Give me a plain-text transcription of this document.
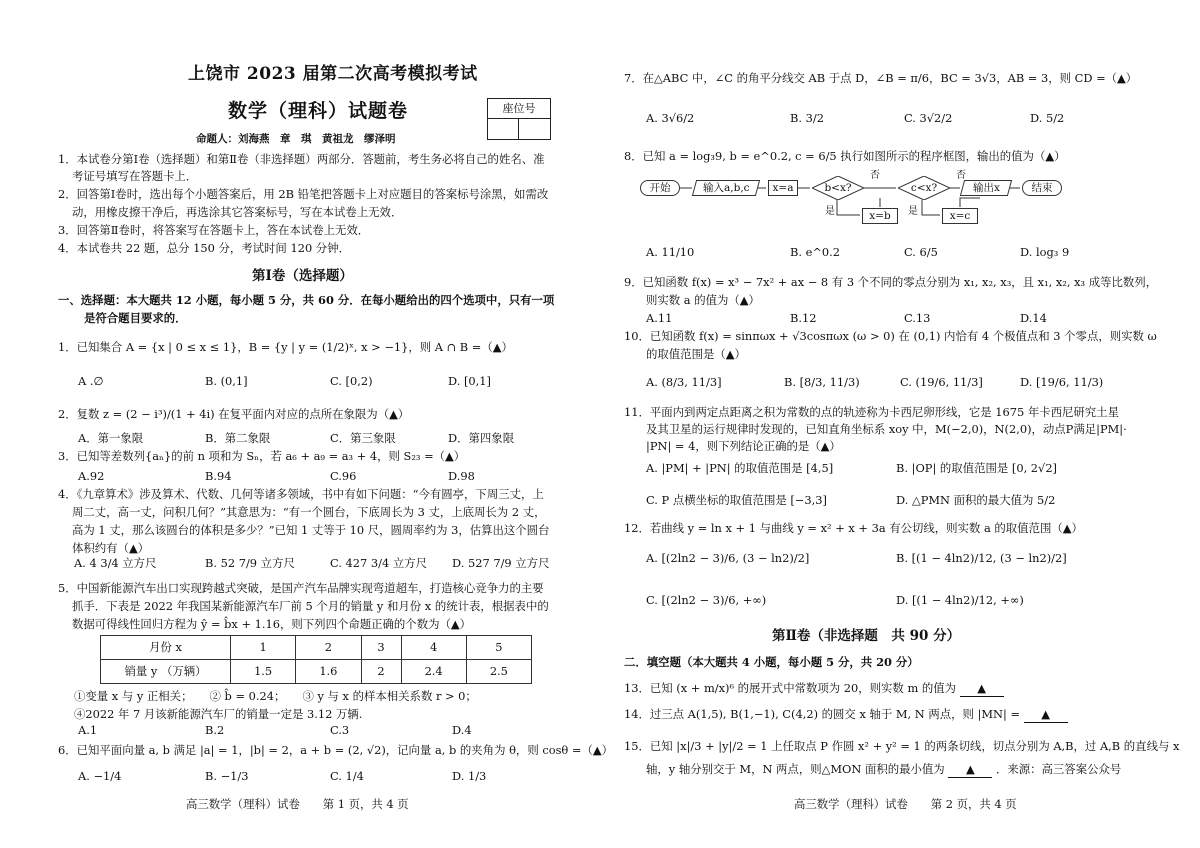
上饶市 2023 届第二次高考模拟考试
数学（理科）试题卷	座位号
命题人：刘海燕　章　琪　黄祖龙　缪泽明
1．本试卷分第Ⅰ卷（选择题）和第Ⅱ卷（非选择题）两部分．答题前，考生务必将自己的姓名、准
考证号填写在答题卡上．
2．回答第Ⅰ卷时，选出每个小题答案后，用 2B 铅笔把答题卡上对应题目的答案标号涂黑，如需改
动，用橡皮擦干净后，再选涂其它答案标号，写在本试卷上无效．
3．回答第Ⅱ卷时，将答案写在答题卡上，答在本试卷上无效．
4．本试卷共 22 题，总分 150 分，考试时间 120 分钟．
第Ⅰ卷（选择题）
一、选择题：本大题共 12 小题，每小题 5 分，共 60 分．在每小题给出的四个选项中，只有一项
是符合题目要求的．
1．已知集合 A = {x | 0 ≤ x ≤ 1}，B = {y | y = (1/2)ˣ, x > −1}，则 A ∩ B =（▲）
A .∅	B. (0,1]	C. [0,2)	D. [0,1]
2．复数 z = (2 − i³)/(1 + 4i) 在复平面内对应的点所在象限为（▲）
A．第一象限	B．第二象限	C．第三象限	D．第四象限
3．已知等差数列{aₙ}的前 n 项和为 Sₙ，若 a₆ + a₉ = a₃ + 4，则 S₂₃ =（▲）
A.92	B.94	C.96	D.98
4．《九章算术》涉及算术、代数、几何等诸多领域，书中有如下问题：“今有圆亭，下周三丈，上
周二丈，高一丈，问积几何？”其意思为：“有一个圆台，下底周长为 3 丈，上底周长为 2 丈，
高为 1 丈，那么该圆台的体积是多少？”已知 1 丈等于 10 尺，圆周率约为 3，估算出这个圆台
体积约有（▲）
A. 4 3/4 立方尺	B. 52 7/9 立方尺	C. 427 3/4 立方尺 D. 527 7/9 立方尺
5．中国新能源汽车出口实现跨越式突破，是国产汽车品牌实现弯道超车，打造核心竞争力的主要
抓手．下表是 2022 年我国某新能源汽车厂前 5 个月的销量 y 和月份 x 的统计表，根据表中的
数据可得线性回归方程为 ŷ = b̂x + 1.16，则下列四个命题正确的个数为（▲）
月份 x	1	2	3	4	5
销量 y （万辆）	1.5	1.6	2	2.4	2.5
①变量 x 与 y 正相关；　　② b̂ = 0.24；　　③ y 与 x 的样本相关系数 r > 0；
④2022 年 7 月该新能源汽车厂的销量一定是 3.12 万辆.
A.1	B.2	C.3	D.4
6．已知平面向量 a, b 满足 |a| = 1，|b| = 2，a + b = (2, √2)，记向量 a, b 的夹角为 θ，则 cosθ =（▲）
A. −1/4	B. −1/3	C. 1/4	D. 1/3
高三数学（理科）试卷　　第 1 页，共 4 页
7．在△ABC 中，∠C 的角平分线交 AB 于点 D，∠B = π/6，BC = 3√3，AB = 3，则 CD =（▲）
A. 3√6/2	B. 3/2	C. 3√2/2	D. 5/2
8．已知 a = log₃9, b = e^0.2, c = 6/5 执行如图所示的程序框图，输出的值为（▲）
开始	输入a,b,c	x=a	b<x?
否
是	x=b
c<x?
否
是	x=c
输出x	结束
A. 11/10	B. e^0.2	C. 6/5	D. log₃ 9
9．已知函数 f(x) = x³ − 7x² + ax − 8 有 3 个不同的零点分别为 x₁, x₂, x₃，且 x₁, x₂, x₃ 成等比数列，
则实数 a 的值为（▲）
A.11	B.12	C.13	D.14
10．已知函数 f(x) = sinπωx + √3cosπωx (ω > 0) 在 (0,1) 内恰有 4 个极值点和 3 个零点，则实数 ω
的取值范围是（▲）
A. (8/3, 11/3]	B. [8/3, 11/3)	C. (19/6, 11/3]	D. [19/6, 11/3)
11．平面内到两定点距离之积为常数的点的轨迹称为卡西尼卵形线，它是 1675 年卡西尼研究土星
及其卫星的运行规律时发现的，已知直角坐标系 xoy 中，M(−2,0)，N(2,0)，动点P满足|PM|·
|PN| = 4，则下列结论正确的是（▲）
A. |PM| + |PN| 的取值范围是 [4,5]	B. |OP| 的取值范围是 [0, 2√2]
C. P 点横坐标的取值范围是 [−3,3]	D. △PMN 面积的最大值为 5/2
12．若曲线 y = ln x + 1 与曲线 y = x² + x + 3a 有公切线，则实数 a 的取值范围（▲）
A. [(2ln2 − 3)/6, (3 − ln2)/2]	B. [(1 − 4ln2)/12, (3 − ln2)/2]
C. [(2ln2 − 3)/6, +∞)	D. [(1 − 4ln2)/12, +∞)
第Ⅱ卷（非选择题　共 90 分）
二．填空题（本大题共 4 小题，每小题 5 分，共 20 分）
13．已知 (x + m/x)⁶ 的展开式中常数项为 20，则实数 m 的值为 ▲
14．过三点 A(1,5), B(1,−1), C(4,2) 的圆交 x 轴于 M, N 两点，则 |MN| = ▲
15．已知 |x|/3 + |y|/2 = 1 上任取点 P 作圆 x² + y² = 1 的两条切线，切点分别为 A,B，过 A,B 的直线与 x
轴，y 轴分别交于 M，N 两点，则△MON 面积的最小值为 ▲ ．来源：高三答案公众号
高三数学（理科）试卷　　第 2 页，共 4 页
